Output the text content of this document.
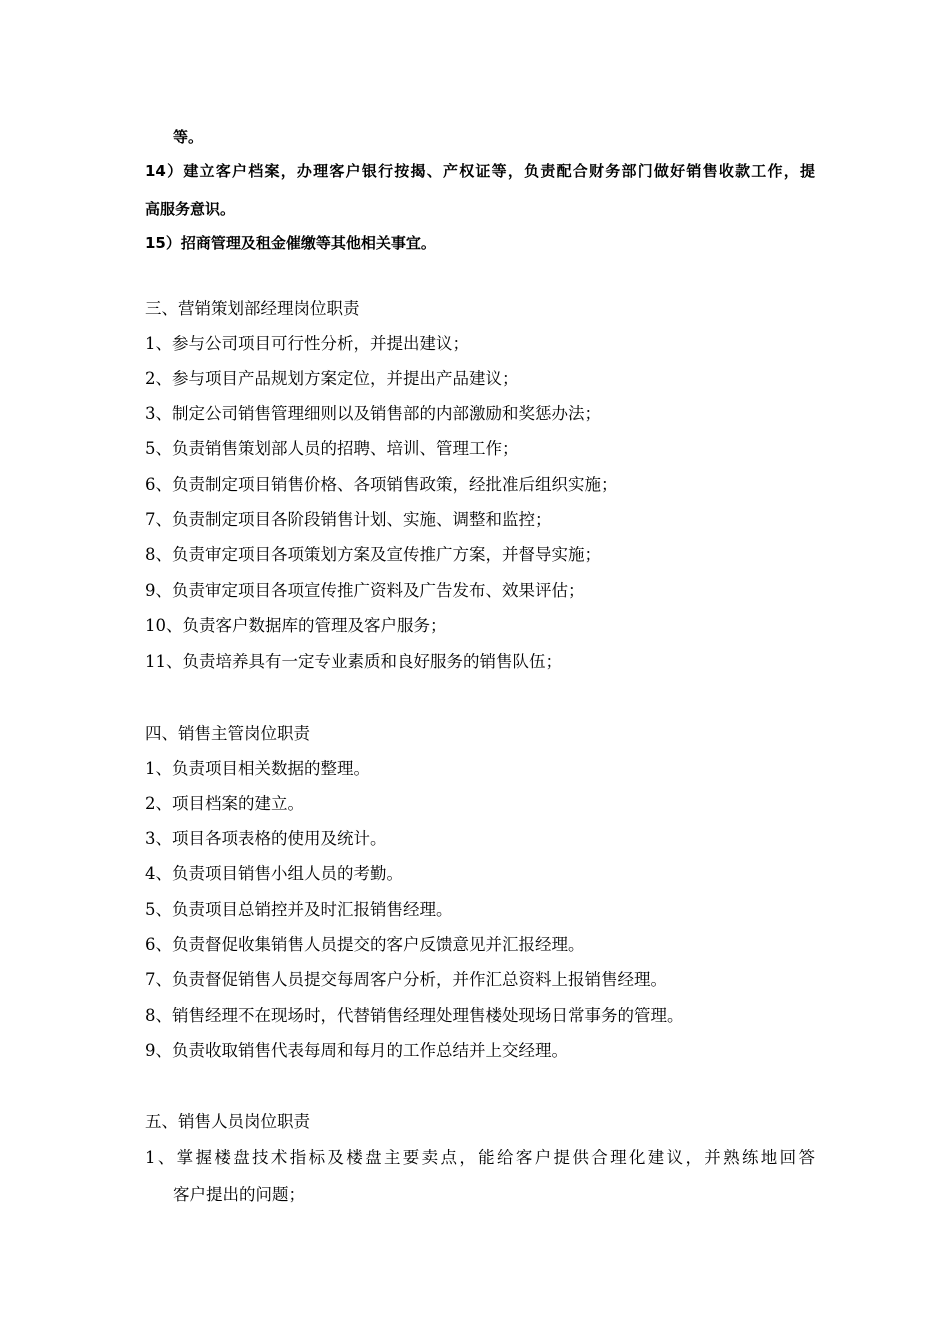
等。
14）建立客户档案，办理客户银行按揭、产权证等，负责配合财务部门做好销售收款工作，提
高服务意识。
15）招商管理及租金催缴等其他相关事宜。
三、营销策划部经理岗位职责
1、参与公司项目可行性分析，并提出建议；
2、参与项目产品规划方案定位，并提出产品建议；
3、制定公司销售管理细则以及销售部的内部激励和奖惩办法；
5、负责销售策划部人员的招聘、培训、管理工作；
6、负责制定项目销售价格、各项销售政策，经批准后组织实施；
7、负责制定项目各阶段销售计划、实施、调整和监控；
8、负责审定项目各项策划方案及宣传推广方案，并督导实施；
9、负责审定项目各项宣传推广资料及广告发布、效果评估；
10、负责客户数据库的管理及客户服务；
11、负责培养具有一定专业素质和良好服务的销售队伍；
四、销售主管岗位职责
1、负责项目相关数据的整理。
2、项目档案的建立。
3、项目各项表格的使用及统计。
4、负责项目销售小组人员的考勤。
5、负责项目总销控并及时汇报销售经理。
6、负责督促收集销售人员提交的客户反馈意见并汇报经理。
7、负责督促销售人员提交每周客户分析，并作汇总资料上报销售经理。
8、销售经理不在现场时，代替销售经理处理售楼处现场日常事务的管理。
9、负责收取销售代表每周和每月的工作总结并上交经理。
五、销售人员岗位职责
1、掌握楼盘技术指标及楼盘主要卖点，能给客户提供合理化建议，并熟练地回答
客户提出的问题；
